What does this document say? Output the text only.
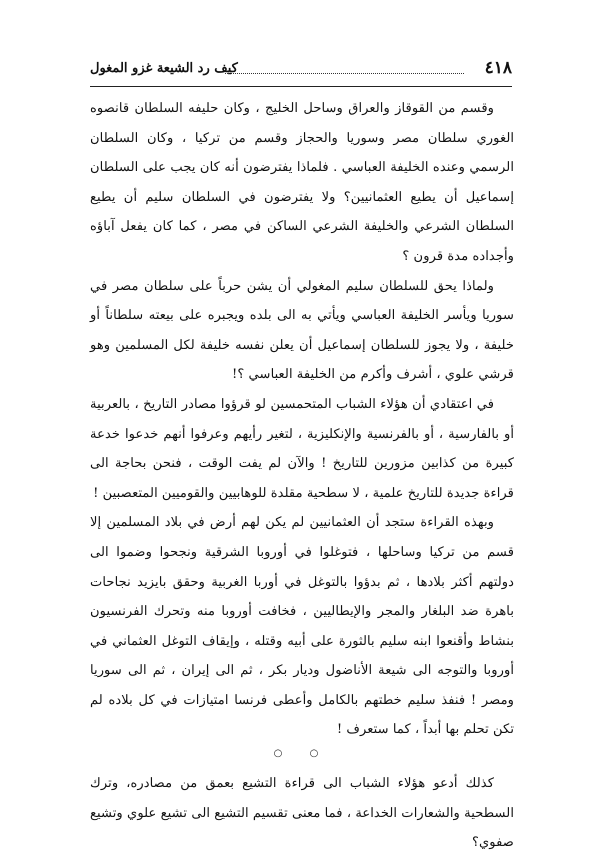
٤١٨
كيف رد الشيعة غزو المغول

وقسم من القوقاز والعراق وساحل الخليج ، وكان حليفه السلطان قانصوه الغوري سلطان مصر وسوريا والحجاز وقسم من تركيا ، وكان السلطان الرسمي وعنده الخليفة العباسي . فلماذا يفترضون أنه كان يجب على السلطان إسماعيل أن يطيع العثمانيين؟ ولا يفترضون في السلطان سليم أن يطيع السلطان الشرعي والخليفة الشرعي الساكن في مصر ، كما كان يفعل آباؤه وأجداده مدة قرون ؟

ولماذا يحق للسلطان سليم المغولي أن يشن حرباً على سلطان مصر في سوريا ويأسر الخليفة العباسي ويأتي به الى بلده ويجبره على بيعته سلطاناً أو خليفة ، ولا يجوز للسلطان إسماعيل أن يعلن نفسه خليفة لكل المسلمين وهو قرشي علوي ، أشرف وأكرم من الخليفة العباسي ؟!

في اعتقادي أن هؤلاء الشباب المتحمسين لو قرؤوا مصادر التاريخ ، بالعربية أو بالفارسية ، أو بالفرنسية والإنكليزية ، لتغير رأيهم وعرفوا أنهم خدعوا خدعة كبيرة من كذابين مزورين للتاريخ ! والآن لم يفت الوقت ، فنحن بحاجة الى قراءة جديدة للتاريخ علمية ، لا سطحية مقلدة للوهابيين والقوميين المتعصبين !

وبهذه القراءة ستجد أن العثمانيين لم يكن لهم أرض في بلاد المسلمين إلا قسم من تركيا وساحلها ، فتوغلوا في أوروبا الشرقية ونجحوا وضموا الى دولتهم أكثر بلادها ، ثم بدؤوا بالتوغل في أوربا الغربية وحقق بايزيد نجاحات باهرة ضد البلغار والمجر والإيطاليين ، فخافت أوروبا منه وتحرك الفرنسيون بنشاط وأقنعوا ابنه سليم بالثورة على أبيه وقتله ، وإيقاف التوغل العثماني في أوروبا والتوجه الى شيعة الأناضول وديار بكر ، ثم الى إيران ، ثم الى سوريا ومصر ! فنفذ سليم خطتهم بالكامل وأعطى فرنسا امتيازات في كل بلاده لم تكن تحلم بها أبداً ، كما ستعرف !

○ ○

كذلك أدعو هؤلاء الشباب الى قراءة التشيع بعمق من مصادره، وترك السطحية والشعارات الخداعة ، فما معنى تقسيم التشيع الى تشيع علوي وتشيع صفوي؟
